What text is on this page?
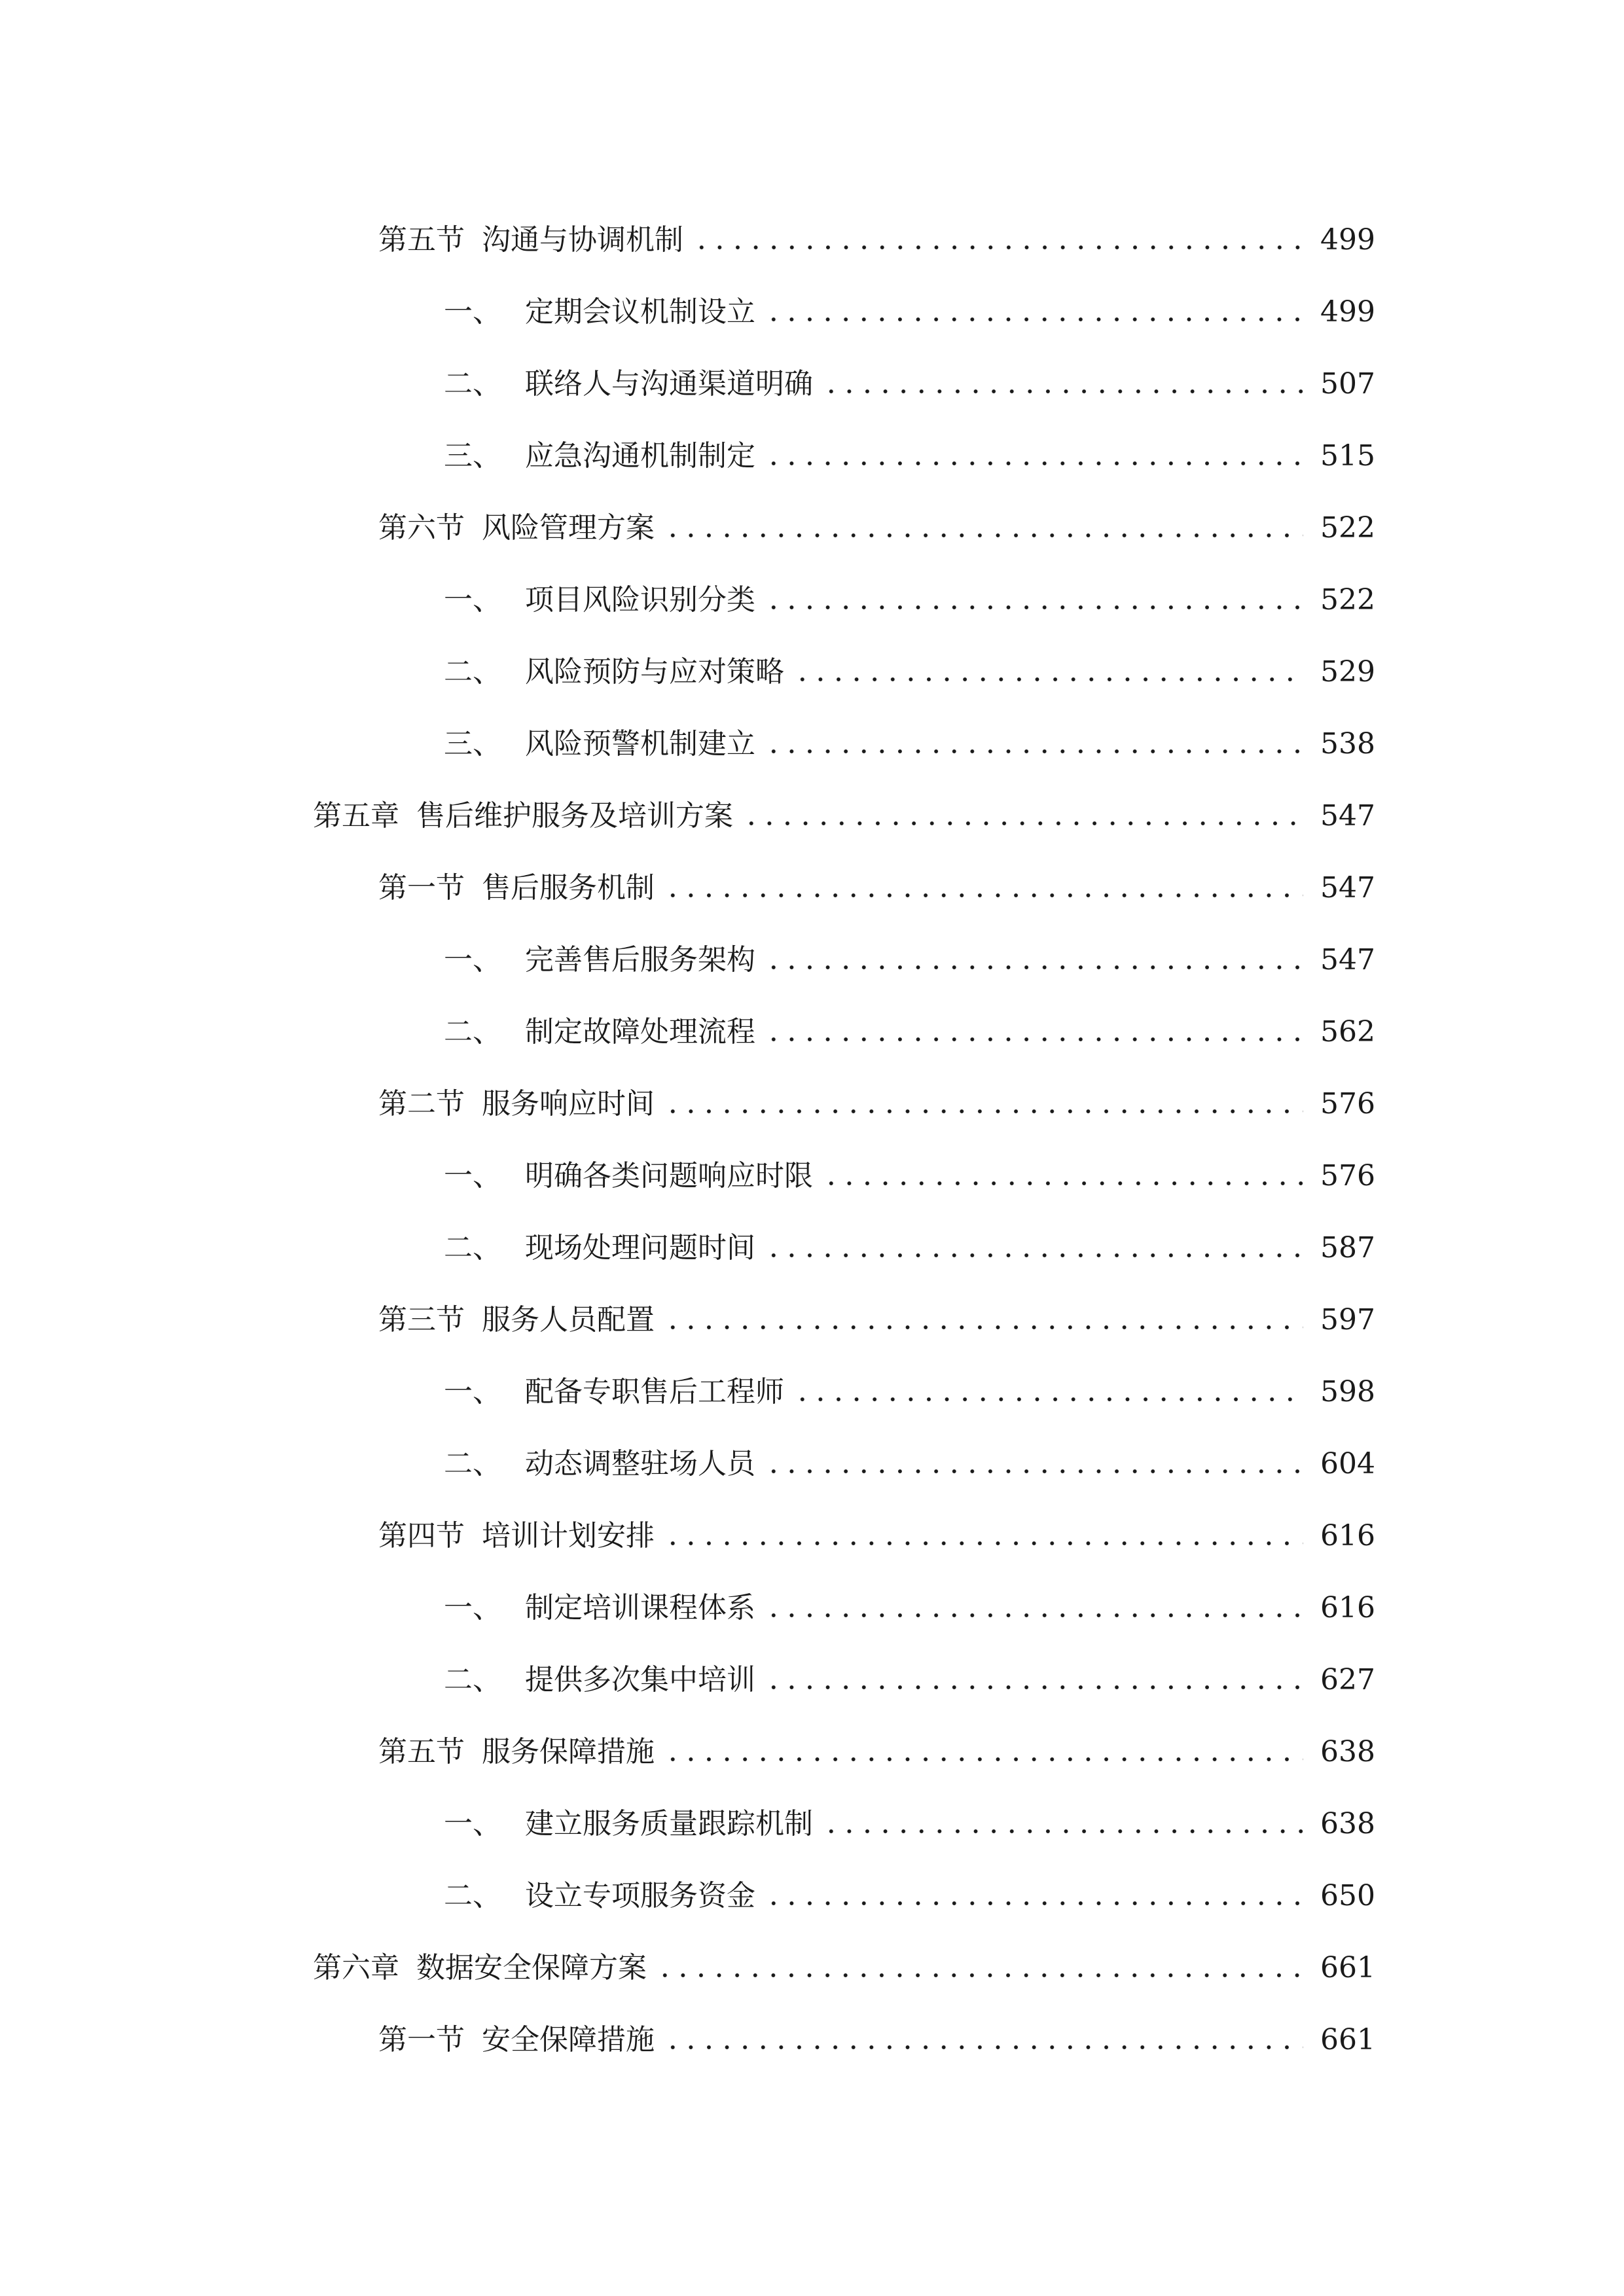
第五节 沟通与协调机制	499
一、 定期会议机制设立	499
二、 联络人与沟通渠道明确	507
三、 应急沟通机制制定	515
第六节 风险管理方案	522
一、 项目风险识别分类	522
二、 风险预防与应对策略	529
三、 风险预警机制建立	538
第五章 售后维护服务及培训方案	547
第一节 售后服务机制	547
一、 完善售后服务架构	547
二、 制定故障处理流程	562
第二节 服务响应时间	576
一、 明确各类问题响应时限	576
二、 现场处理问题时间	587
第三节 服务人员配置	597
一、 配备专职售后工程师	598
二、 动态调整驻场人员	604
第四节 培训计划安排	616
一、 制定培训课程体系	616
二、 提供多次集中培训	627
第五节 服务保障措施	638
一、 建立服务质量跟踪机制	638
二、 设立专项服务资金	650
第六章 数据安全保障方案	661
第一节 安全保障措施	661
